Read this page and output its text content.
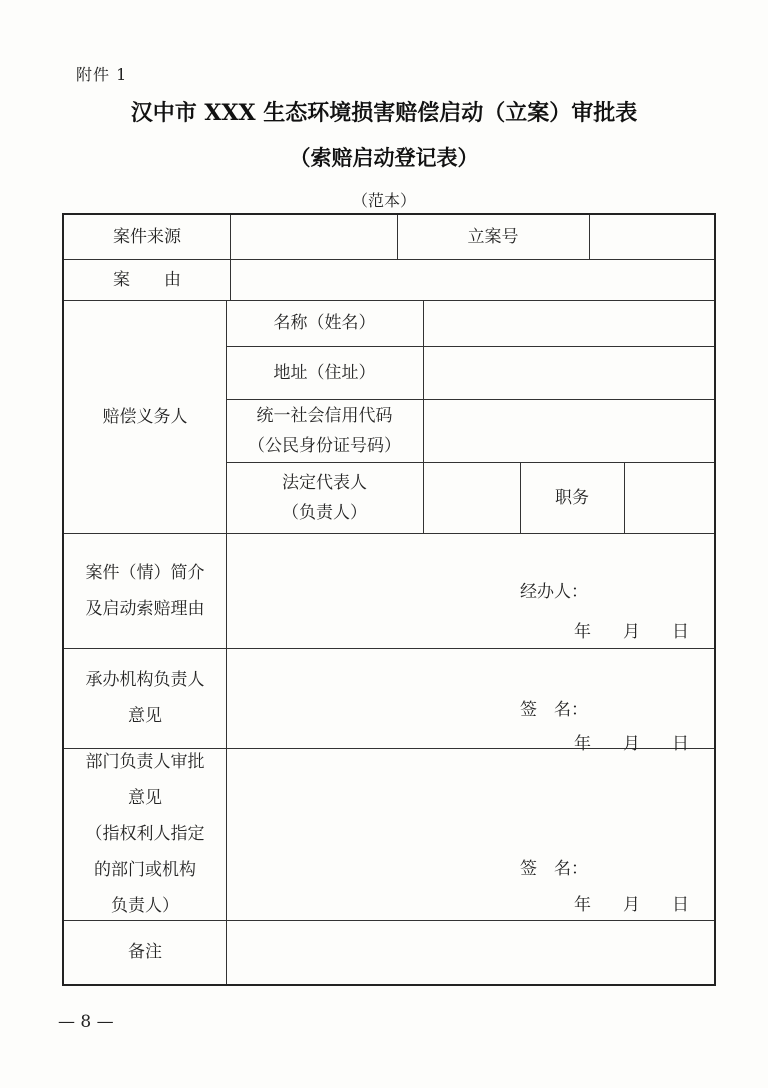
附件 1
汉中市 XXX 生态环境损害赔偿启动（立案）审批表
（索赔启动登记表）
（范本）
案件来源	立案号
案　　由
赔偿义务人
名称（姓名）
地址（住址）
统一社会信用代码
（公民身份证号码）
法定代表人
（负责人）
职务
案件（情）简介
及启动索赔理由
经办人：
年 月 日
承办机构负责人
意见	签　名：
年 月 日
部门负责人审批
意见
（指权利人指定
的部门或机构
负责人）
签　名：
年 月 日
备注
— 8 —
